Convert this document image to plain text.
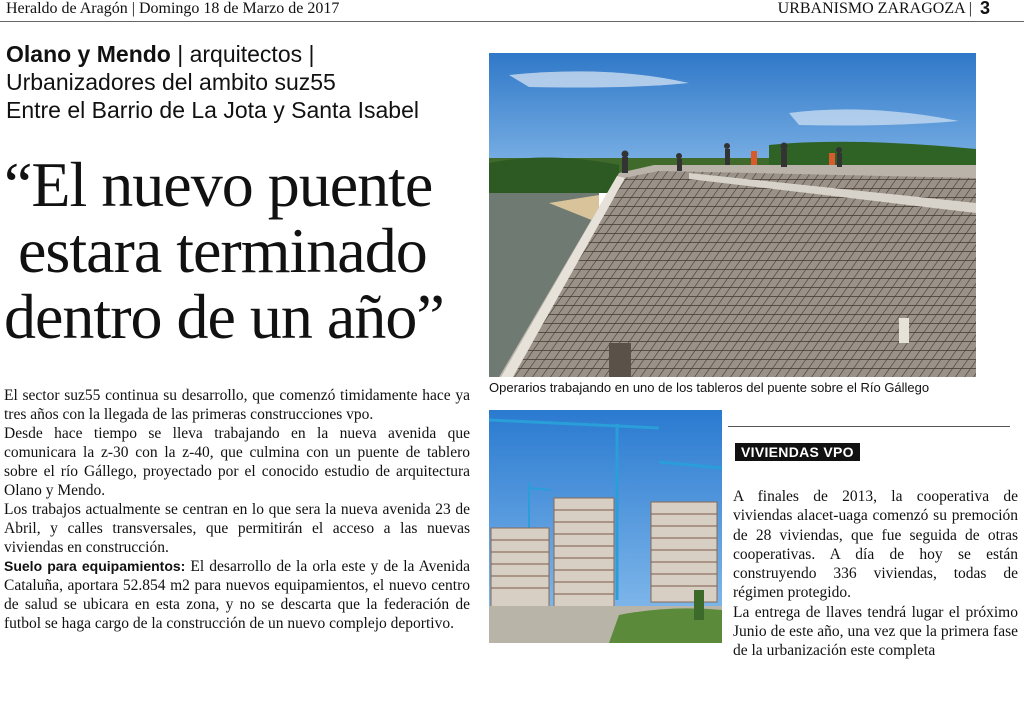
Heraldo de Aragón | Domingo 18 de Marzo de 2017	URBANISMO ZARAGOZA | 3
Olano y Mendo | arquitectos |
Urbanizadores del ambito suz55
Entre el Barrio de La Jota y Santa Isabel
“El nuevo puente
estara terminado
dentro de un año”

El sector suz55 continua su desarrollo, que comenzó timidamente hace ya tres años con la llegada de las primeras construcciones vpo.

Desde hace tiempo se lleva trabajando en la nueva avenida que comunicara la z-30 con la z-40, que culmina con un puente de tablero sobre el río Gállego, proyectado por el conocido estudio de arquitectura Olano y Mendo.

Los trabajos actualmente se centran en lo que sera la nueva avenida 23 de Abril, y calles transversales, que permitirán el acceso a las nuevas viviendas en construcción.

Suelo para equipamientos: El desarrollo de la orla este y de la Avenida Cataluña, aportara 52.854 m2 para nuevos equipamientos, el nuevo centro de salud se ubicara en esta zona, y no se descarta que la federación de futbol se haga cargo de la construcción de un nuevo complejo deportivo.

Operarios trabajando en uno de los tableros del puente sobre el Río Gállego
VIVIENDAS VPO

A finales de 2013, la cooperativa de viviendas alacet-uaga comenzó su premoción de 28 viviendas, que fue seguida de otras cooperativas. A día de hoy se están construyendo 336 viviendas, todas de régimen protegido.

La entrega de llaves tendrá lugar el próximo Junio de este año, una vez que la primera fase de la urbanización este completa
